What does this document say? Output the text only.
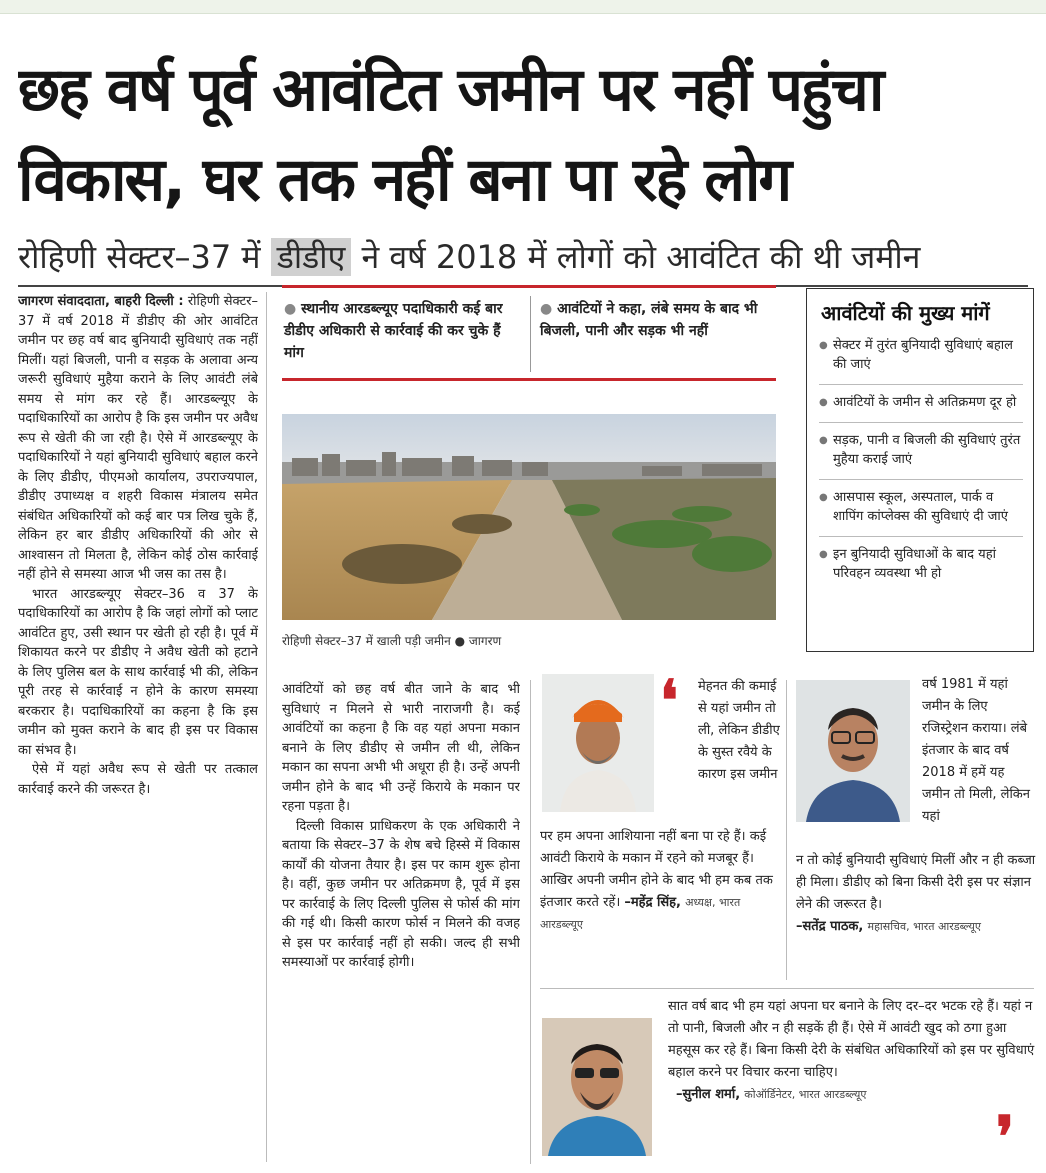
छह वर्ष पूर्व आवंटित जमीन पर नहीं पहुंचा
विकास, घर तक नहीं बना पा रहे लोग
रोहिणी सेक्टर–37 में डीडीए ने वर्ष 2018 में लोगों को आवंटित की थी जमीन

जागरण संवाददाता, बाहरी दिल्ली : रोहिणी सेक्टर–37 में वर्ष 2018 में डीडीए की ओर आवंटित जमीन पर छह वर्ष बाद बुनियादी सुविधाएं तक नहीं मिलीं। यहां बिजली, पानी व सड़क के अलावा अन्य जरूरी सुविधाएं मुहैया कराने के लिए आवंटी लंबे समय से मांग कर रहे हैं। आरडब्ल्यूए के पदाधिकारियों का आरोप है कि इस जमीन पर अवैध रूप से खेती की जा रही है। ऐसे में आरडब्ल्यूए के पदाधिकारियों ने यहां बुनियादी सुविधाएं बहाल करने के लिए डीडीए, पीएमओ कार्यालय, उपराज्यपाल, डीडीए उपाध्यक्ष व शहरी विकास मंत्रालय समेत संबंधित अधिकारियों को कई बार पत्र लिख चुके हैं, लेकिन हर बार डीडीए अधिकारियों की ओर से आश्वासन तो मिलता है, लेकिन कोई ठोस कार्रवाई नहीं होने से समस्या आज भी जस का तस है।

भारत आरडब्ल्यूए सेक्टर–36 व 37 के पदाधिकारियों का आरोप है कि जहां लोगों को प्लाट आवंटित हुए, उसी स्थान पर खेती हो रही है। पूर्व में शिकायत करने पर डीडीए ने अवैध खेती को हटाने के लिए पुलिस बल के साथ कार्रवाई भी की, लेकिन पूरी तरह से कार्रवाई न होने के कारण समस्या बरकरार है। पदाधिकारियों का कहना है कि इस जमीन को मुक्त कराने के बाद ही इस पर विकास का संभव है।

ऐसे में यहां अवैध रूप से खेती पर तत्काल कार्रवाई करने की जरूरत है।

● स्थानीय आरडब्ल्यूए पदाधिकारी कई बार डीडीए अधिकारी से कार्रवाई की कर चुके हैं मांग
● आवंटियों ने कहा, लंबे समय के बाद भी बिजली, पानी और सड़क भी नहीं
रोहिणी सेक्टर–37 में खाली पड़ी जमीन ● जागरण
आवंटियों की मुख्य मांगें
● सेक्टर में तुरंत बुनियादी सुविधाएं बहाल की जाएं
● आवंटियों के जमीन से अतिक्रमण दूर हो
● सड़क, पानी व बिजली की सुविधाएं तुरंत मुहैया कराई जाएं
● आसपास स्कूल, अस्पताल, पार्क व शापिंग कांप्लेक्स की सुविधाएं दी जाएं
● इन बुनियादी सुविधाओं के बाद यहां परिवहन व्यवस्था भी हो

आवंटियों को छह वर्ष बीत जाने के बाद भी सुविधाएं न मिलने से भारी नाराजगी है। कई आवंटियों का कहना है कि वह यहां अपना मकान बनाने के लिए डीडीए से जमीन ली थी, लेकिन मकान का सपना अभी भी अधूरा ही है। उन्हें अपनी जमीन होने के बाद भी उन्हें किराये के मकान पर रहना पड़ता है।

दिल्ली विकास प्राधिकरण के एक अधिकारी ने बताया कि सेक्टर–37 के शेष बचे हिस्से में विकास कार्यों की योजना तैयार है। इस पर काम शुरू होना है। वहीं, कुछ जमीन पर अतिक्रमण है, पूर्व में इस पर कार्रवाई के लिए दिल्ली पुलिस से फोर्स की मांग की गई थी। किसी कारण फोर्स न मिलने की वजह से इस पर कार्रवाई नहीं हो सकी। जल्द ही सभी समस्याओं पर कार्रवाई होगी।

❛ मेहनत की कमाई से यहां जमीन तो ली, लेकिन डीडीए के सुस्त रवैये के कारण इस जमीन
पर हम अपना आशियाना नहीं बना पा रहे हैं। कई आवंटी किराये के मकान में रहने को मजबूर हैं। आखिर अपनी जमीन होने के बाद भी हम कब तक इंतजार करते रहें। –महेंद्र सिंह, अध्यक्ष, भारत आरडब्ल्यूए
वर्ष 1981 में यहां जमीन के लिए रजिस्ट्रेशन कराया। लंबे इंतजार के बाद वर्ष 2018 में हमें यह जमीन तो मिली, लेकिन यहां
न तो कोई बुनियादी सुविधाएं मिलीं और न ही कब्जा ही मिला। डीडीए को बिना किसी देरी इस पर संज्ञान लेने की जरूरत है।
–सतेंद्र पाठक, महासचिव, भारत आरडब्ल्यूए
सात वर्ष बाद भी हम यहां अपना घर बनाने के लिए दर–दर भटक रहे हैं। यहां न तो पानी, बिजली और न ही सड़कें ही हैं। ऐसे में आवंटी खुद को ठगा हुआ महसूस कर रहे हैं। बिना किसी देरी के संबंधित अधिकारियों को इस पर सुविधाएं बहाल करने पर विचार करना चाहिए।
–सुनील शर्मा, कोऑर्डिनेटर, भारत आरडब्ल्यूए
❜
